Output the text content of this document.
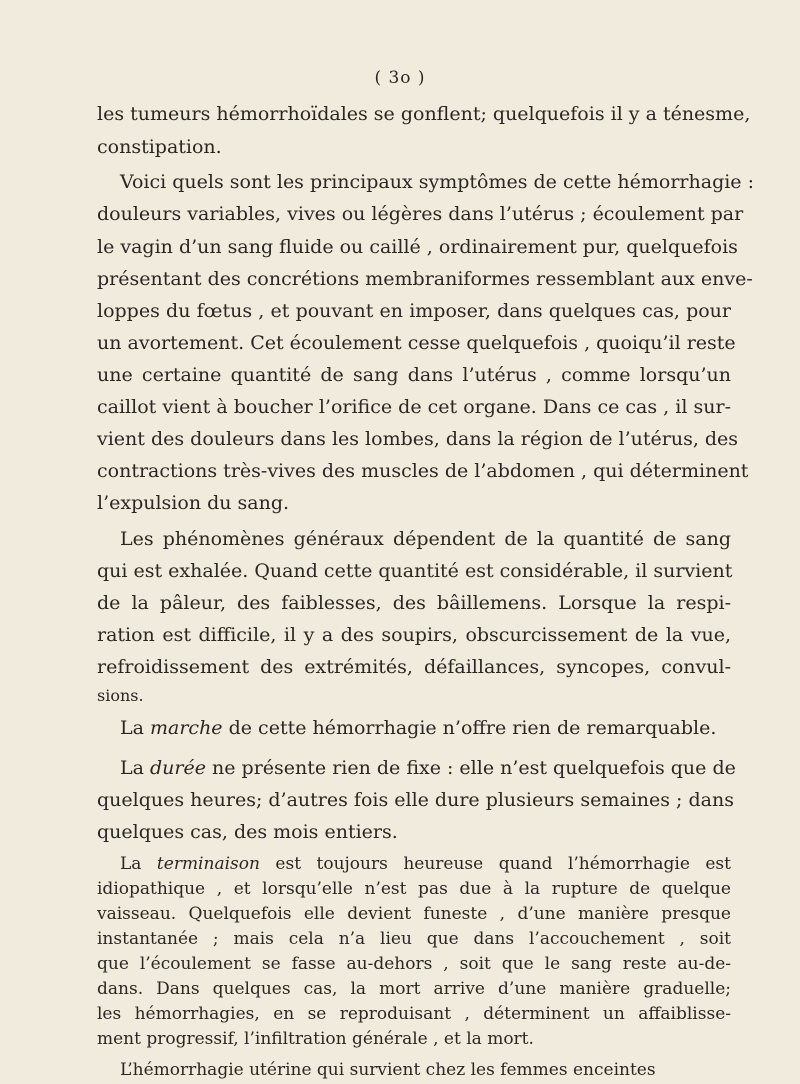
( 3o )
les tumeurs hémorrhoïdales se gonflent; quelquefois il y a ténesme,
constipation.
Voici quels sont les principaux symptômes de cette hémorrhagie :
douleurs variables, vives ou légères dans l’utérus ; écoulement par
le vagin d’un sang fluide ou caillé , ordinairement pur, quelquefois
présentant des concrétions membraniformes ressemblant aux enve-
loppes du fœtus , et pouvant en imposer, dans quelques cas, pour
un avortement. Cet écoulement cesse quelquefois , quoiqu’il reste
une certaine quantité de sang dans l’utérus , comme lorsqu’un
caillot vient à boucher l’orifice de cet organe. Dans ce cas , il sur-
vient des douleurs dans les lombes, dans la région de l’utérus, des
contractions très-vives des muscles de l’abdomen , qui déterminent
l’expulsion du sang.
Les phénomènes généraux dépendent de la quantité de sang
qui est exhalée. Quand cette quantité est considérable, il survient
de la pâleur, des faiblesses, des bâillemens. Lorsque la respi-
ration est difficile, il y a des soupirs, obscurcissement de la vue,
refroidissement des extrémités, défaillances, syncopes, convul-
sions.
La marche de cette hémorrhagie n’offre rien de remarquable.
La durée ne présente rien de fixe : elle n’est quelquefois que de
quelques heures; d’autres fois elle dure plusieurs semaines ; dans
quelques cas, des mois entiers.
La terminaison est toujours heureuse quand l’hémorrhagie est
idiopathique , et lorsqu’elle n’est pas due à la rupture de quelque
vaisseau. Quelquefois elle devient funeste , d’une manière presque
instantanée ; mais cela n’a lieu que dans l’accouchement , soit
que l’écoulement se fasse au-dehors , soit que le sang reste au-de-
dans. Dans quelques cas, la mort arrive d’une manière graduelle;
les hémorrhagies, en se reproduisant , déterminent un affaiblisse-
ment progressif, l’infiltration générale , et la mort.
L’hémorrhagie utérine qui survient chez les femmes enceintes
